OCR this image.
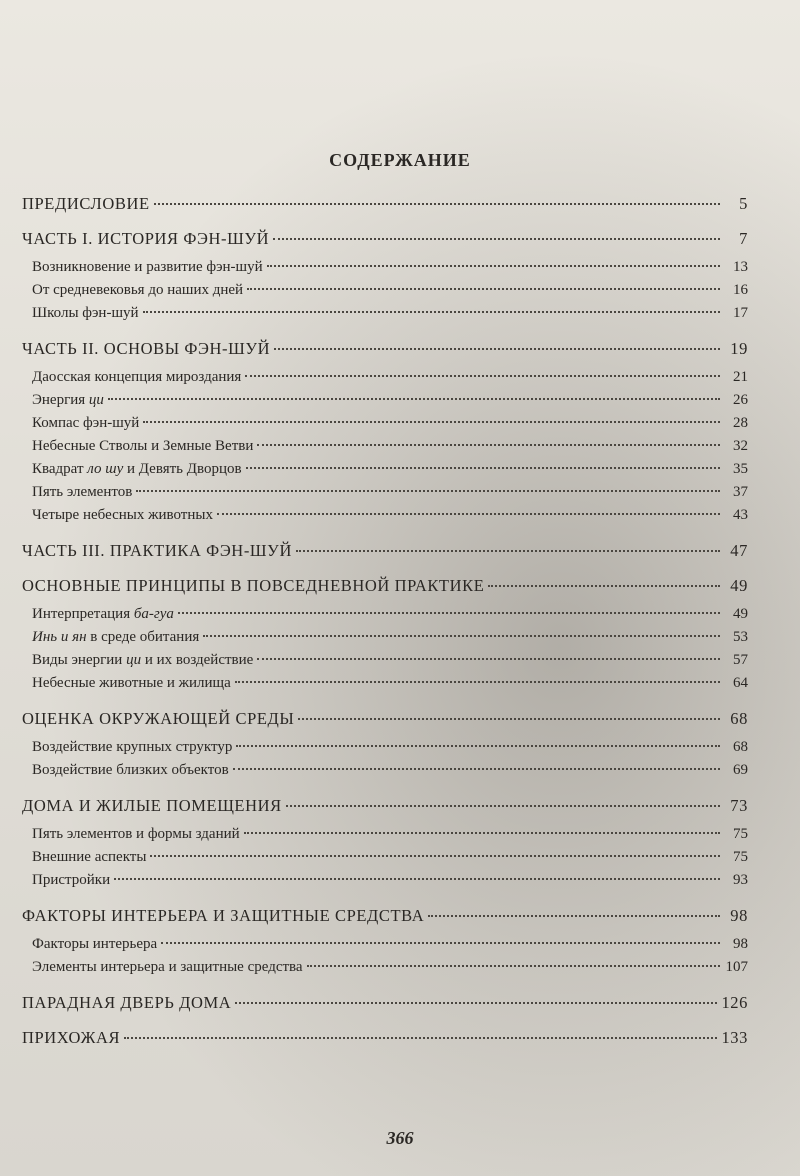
СОДЕРЖАНИЕ
ПРЕДИСЛОВИЕ	5
ЧАСТЬ I. ИСТОРИЯ ФЭН-ШУЙ	7
Возникновение и развитие фэн-шуй	13
От средневековья до наших дней	16
Школы фэн-шуй	17
ЧАСТЬ II. ОСНОВЫ ФЭН-ШУЙ	19
Даосская концепция мироздания	21
Энергия ци	26
Компас фэн-шуй	28
Небесные Стволы и Земные Ветви	32
Квадрат ло шу и Девять Дворцов	35
Пять элементов	37
Четыре небесных животных	43
ЧАСТЬ III. ПРАКТИКА ФЭН-ШУЙ	47
ОСНОВНЫЕ ПРИНЦИПЫ В ПОВСЕДНЕВНОЙ ПРАКТИКЕ	49
Интерпретация ба-гуа	49
Инь и ян в среде обитания	53
Виды энергии ци и их воздействие	57
Небесные животные и жилища	64
ОЦЕНКА ОКРУЖАЮЩЕЙ СРЕДЫ	68
Воздействие крупных структур	68
Воздействие близких объектов	69
ДОМА И ЖИЛЫЕ ПОМЕЩЕНИЯ	73
Пять элементов и формы зданий	75
Внешние аспекты	75
Пристройки	93
ФАКТОРЫ ИНТЕРЬЕРА И ЗАЩИТНЫЕ СРЕДСТВА	98
Факторы интерьера	98
Элементы интерьера и защитные средства	107
ПАРАДНАЯ ДВЕРЬ ДОМА	126
ПРИХОЖАЯ	133
366
